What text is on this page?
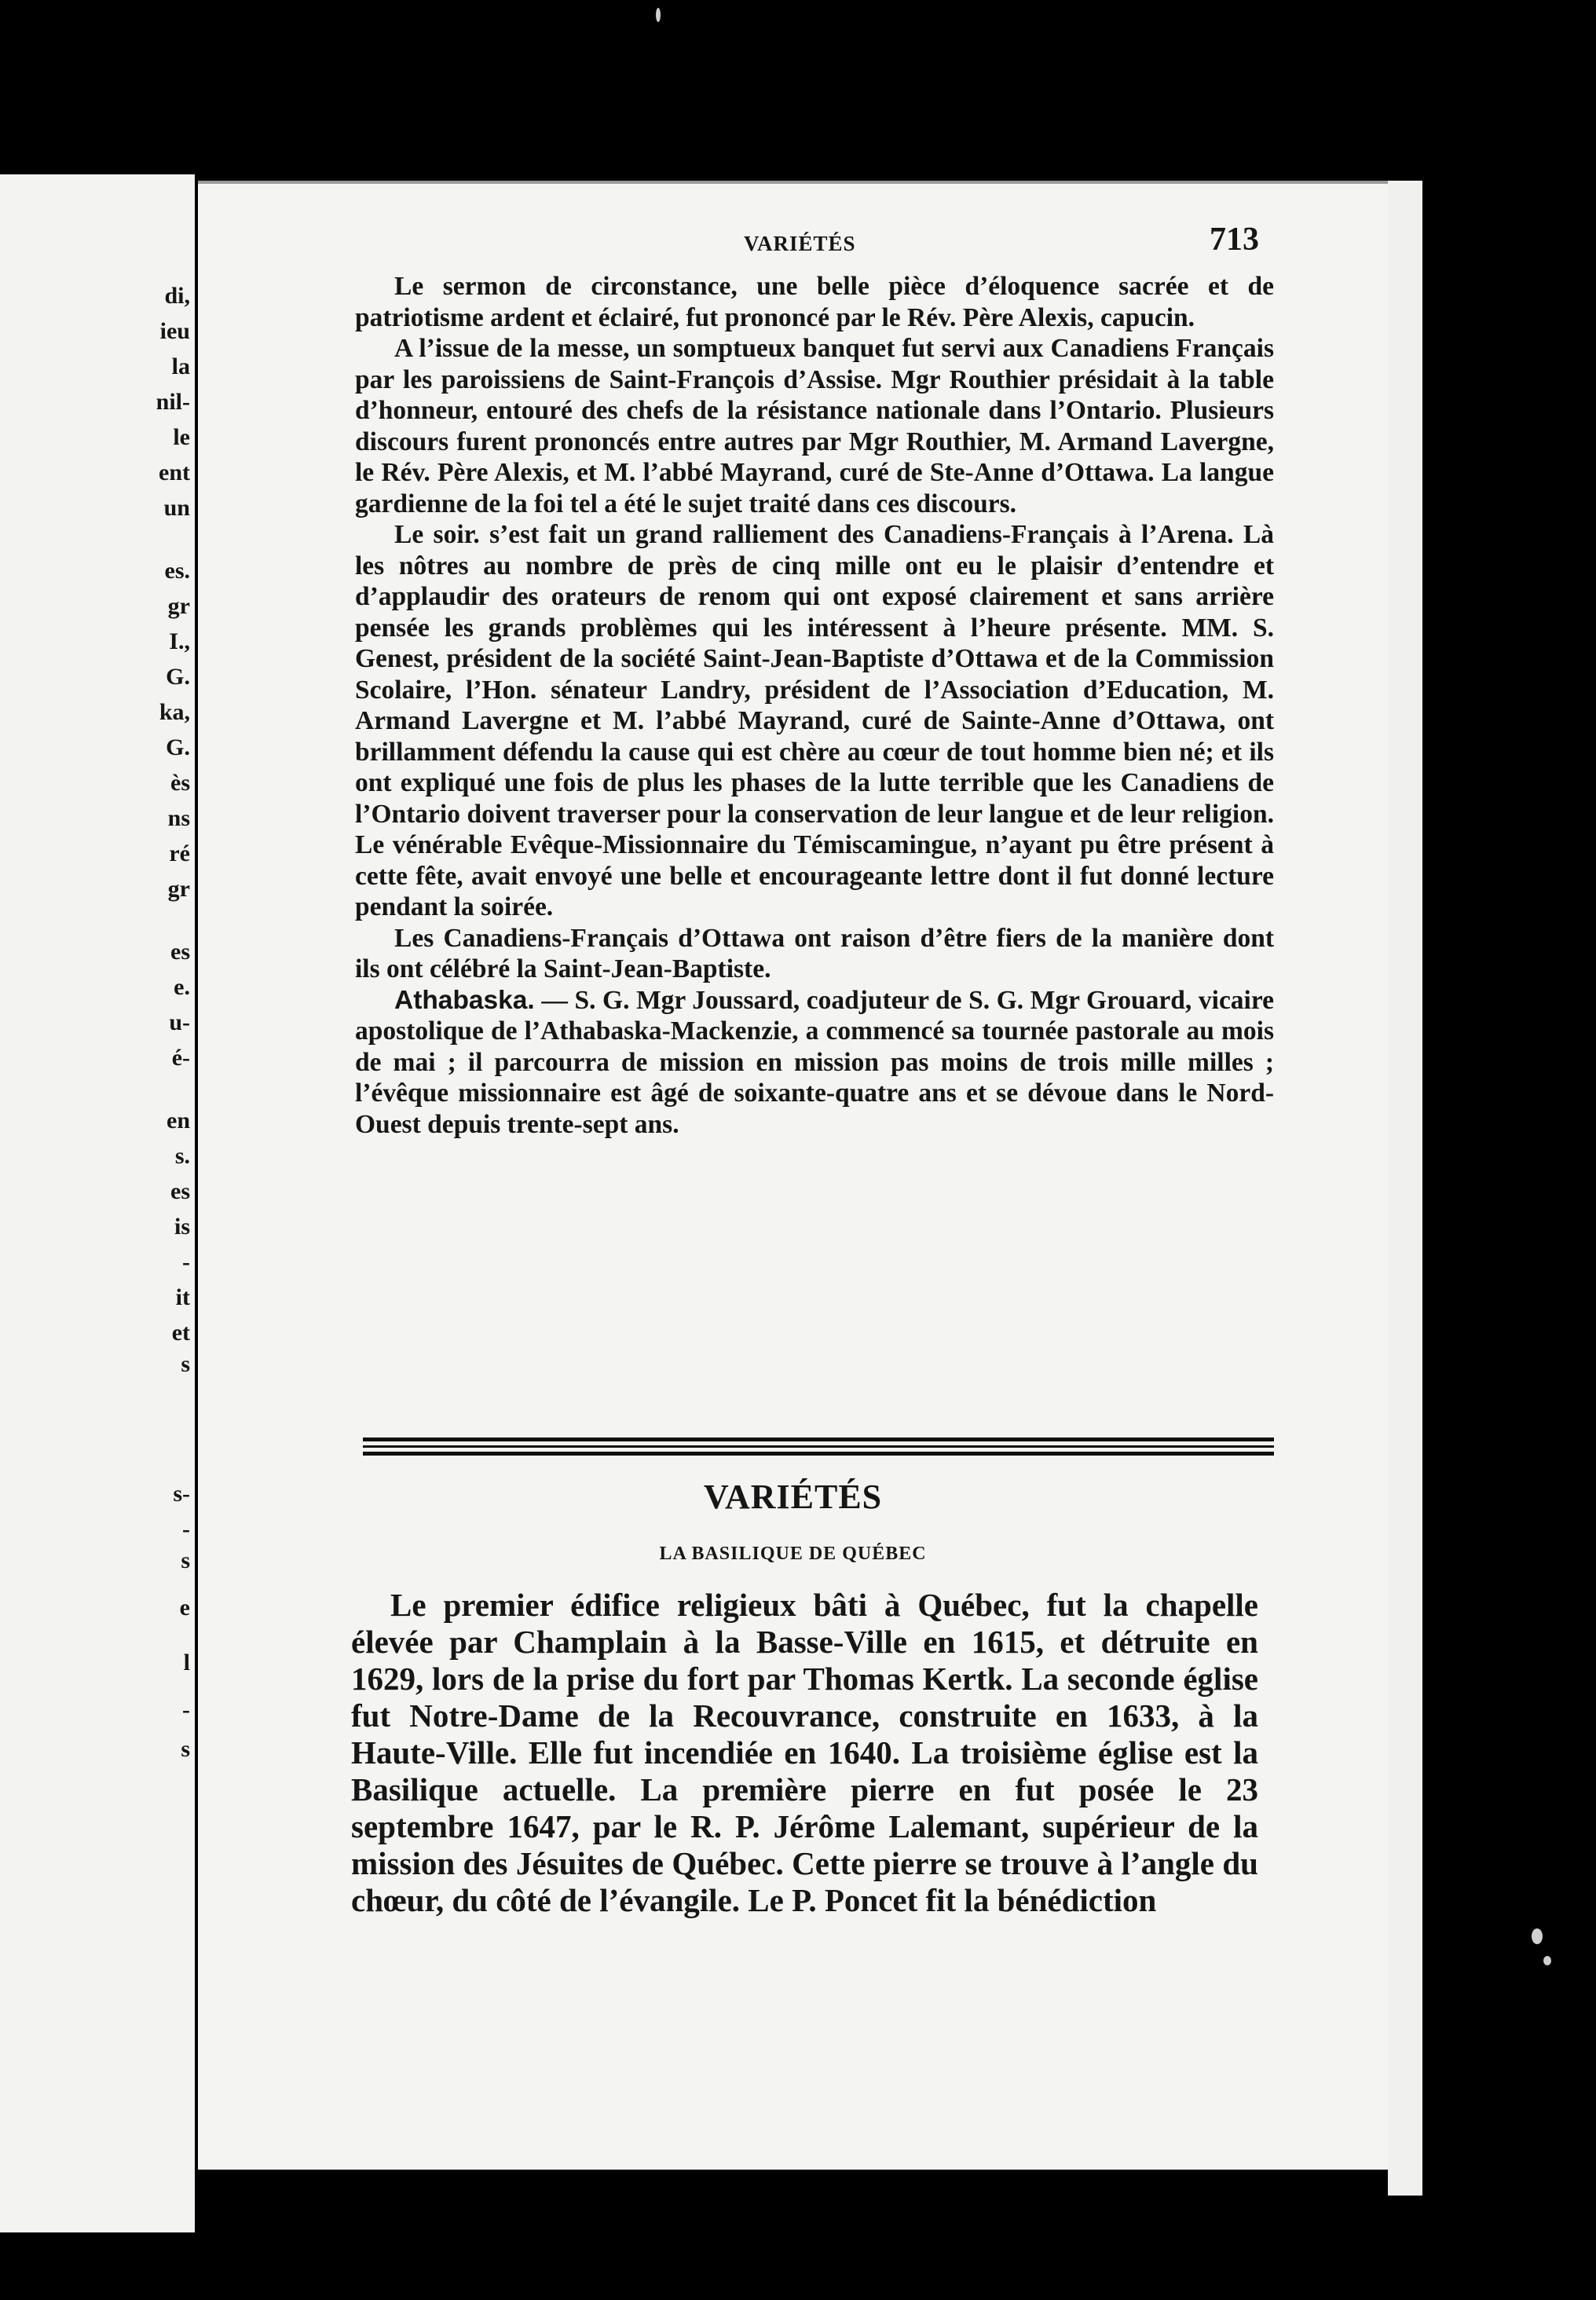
di,
ieu
la
nil-
le
ent
un
es.
gr
I.,
G.
ka,
G.
ès
ns
ré
gr
es
e.
u-
é-
en
s.
es
is
-
it
et
s
s-
-
s
e
l
-
s
VARIÉTÉS	713

Le sermon de circonstance, une belle pièce d’éloquence sacrée et de patriotisme ardent et éclairé, fut prononcé par le Rév. Père Alexis, capucin.

A l’issue de la messe, un somptueux banquet fut servi aux Canadiens Français par les paroissiens de Saint-François d’Assise. Mgr Routhier présidait à la table d’honneur, entouré des chefs de la résistance nationale dans l’Ontario. Plusieurs discours furent prononcés entre autres par Mgr Routhier, M. Armand Lavergne, le Rév. Père Alexis, et M. l’abbé Mayrand, curé de Ste-Anne d’Ottawa. La langue gardienne de la foi tel a été le sujet traité dans ces discours.

Le soir. s’est fait un grand ralliement des Canadiens-Français à l’Arena. Là les nôtres au nombre de près de cinq mille ont eu le plaisir d’entendre et d’applaudir des orateurs de renom qui ont exposé clairement et sans arrière pensée les grands problèmes qui les intéressent à l’heure présente. MM. S. Genest, président de la société Saint-Jean-Baptiste d’Ottawa et de la Commission Scolaire, l’Hon. sénateur Landry, président de l’Association d’Education, M. Armand Lavergne et M. l’abbé Mayrand, curé de Sainte-Anne d’Ottawa, ont brillamment défendu la cause qui est chère au cœur de tout homme bien né; et ils ont expliqué une fois de plus les phases de la lutte terrible que les Canadiens de l’Ontario doivent traverser pour la conservation de leur langue et de leur religion. Le vénérable Evêque-Missionnaire du Témiscamingue, n’ayant pu être présent à cette fête, avait envoyé une belle et encourageante lettre dont il fut donné lecture pendant la soirée.

Les Canadiens-Français d’Ottawa ont raison d’être fiers de la manière dont ils ont célébré la Saint-Jean-Baptiste.

Athabaska. — S. G. Mgr Joussard, coadjuteur de S. G. Mgr Grouard, vicaire apostolique de l’Athabaska-Mackenzie, a commencé sa tournée pastorale au mois de mai ; il parcourra de mission en mission pas moins de trois mille milles ; l’évêque missionnaire est âgé de soixante-quatre ans et se dévoue dans le Nord-Ouest depuis trente-sept ans.

VARIÉTÉS
LA BASILIQUE DE QUÉBEC

Le premier édifice religieux bâti à Québec, fut la chapelle élevée par Champlain à la Basse-Ville en 1615, et détruite en 1629, lors de la prise du fort par Thomas Kertk. La seconde église fut Notre-Dame de la Recouvrance, construite en 1633, à la Haute-Ville. Elle fut incendiée en 1640. La troisième église est la Basilique actuelle. La première pierre en fut posée le 23 septembre 1647, par le R. P. Jérôme Lalemant, supérieur de la mission des Jésuites de Québec. Cette pierre se trouve à l’angle du chœur, du côté de l’évangile. Le P. Poncet fit la bénédiction
